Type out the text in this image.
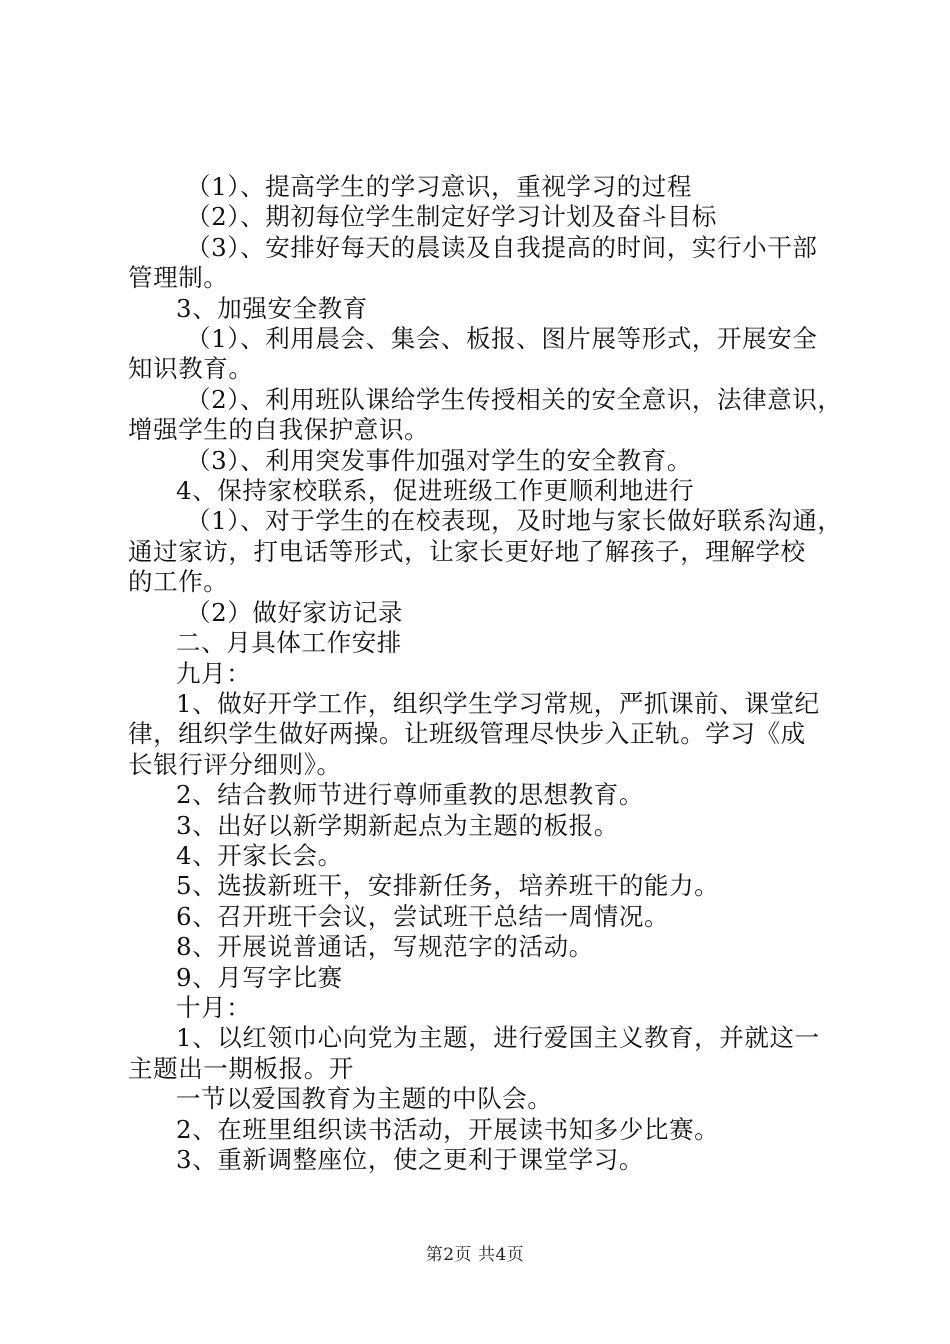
（1）、提高学生的学习意识，重视学习的过程

（2）、期初每位学生制定好学习计划及奋斗目标

（3）、安排好每天的晨读及自我提高的时间，实行小干部

管理制。

3、加强安全教育

（1）、利用晨会、集会、板报、图片展等形式，开展安全

知识教育。

（2）、利用班队课给学生传授相关的安全意识，法律意识，

增强学生的自我保护意识。

（3）、利用突发事件加强对学生的安全教育。

4、保持家校联系，促进班级工作更顺利地进行

（1）、对于学生的在校表现，及时地与家长做好联系沟通，

通过家访，打电话等形式，让家长更好地了解孩子，理解学校

的工作。

（2）做好家访记录

二、月具体工作安排

九月：

1、做好开学工作，组织学生学习常规，严抓课前、课堂纪

律，组织学生做好两操。让班级管理尽快步入正轨。学习《成

长银行评分细则》。

2、结合教师节进行尊师重教的思想教育。

3、出好以新学期新起点为主题的板报。

4、开家长会。

5、选拔新班干，安排新任务，培养班干的能力。

6、召开班干会议，尝试班干总结一周情况。

8、开展说普通话，写规范字的活动。

9、月写字比赛

十月：

1、以红领巾心向党为主题，进行爱国主义教育，并就这一

主题出一期板报。开

一节以爱国教育为主题的中队会。

2、在班里组织读书活动，开展读书知多少比赛。

3、重新调整座位，使之更利于课堂学习。

第2页 共4页
